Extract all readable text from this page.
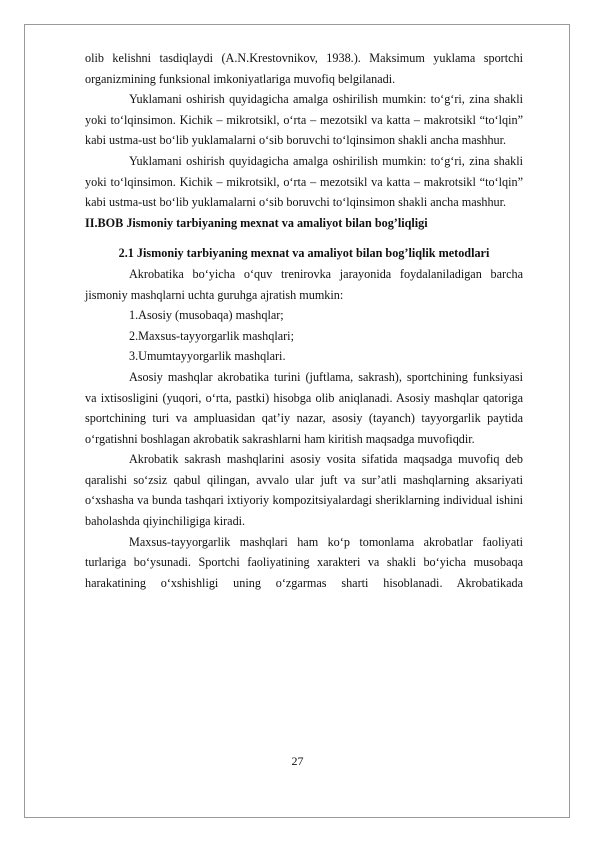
olib kelishni tasdiqlaydi (A.N.Krestovnikov, 1938.). Maksimum yuklama sportchi organizmining funksional imkoniyatlariga muvofiq belgilanadi.

Yuklamani oshirish quyidagicha amalga oshirilish mumkin: to‘g‘ri, zina shakli yoki to‘lqinsimon. Kichik – mikrotsikl, o‘rta – mezotsikl va katta – makrotsikl “to‘lqin” kabi ustma-ust bo‘lib yuklamalarni o‘sib boruvchi to‘lqinsimon shakli ancha mashhur.

Yuklamani oshirish quyidagicha amalga oshirilish mumkin: to‘g‘ri, zina shakli yoki to‘lqinsimon. Kichik – mikrotsikl, o‘rta – mezotsikl va katta – makrotsikl “to‘lqin” kabi ustma-ust bo‘lib yuklamalarni o‘sib boruvchi to‘lqinsimon shakli ancha mashhur.

II.BOB Jismoniy tarbiyaning mexnat va amaliyot bilan bog’liqligi

2.1 Jismoniy tarbiyaning mexnat va amaliyot bilan bog’liqlik metodlari

Akrobatika bo‘yicha o‘quv trenirovka jarayonida foydalaniladigan barcha jismoniy mashqlarni uchta guruhga ajratish mumkin:

1.Asosiy (musobaqa) mashqlar;

2.Maxsus-tayyorgarlik mashqlari;

3.Umumtayyorgarlik mashqlari.

Asosiy mashqlar akrobatika turini (juftlama, sakrash), sportchining funksiyasi va ixtisosligini (yuqori, o‘rta, pastki) hisobga olib aniqlanadi. Asosiy mashqlar qatoriga sportchining turi va ampluasidan qat’iy nazar, asosiy (tayanch) tayyorgarlik paytida o‘rgatishni boshlagan akrobatik sakrashlarni ham kiritish maqsadga muvofiqdir.

Akrobatik sakrash mashqlarini asosiy vosita sifatida maqsadga muvofiq deb qaralishi so‘zsiz qabul qilingan, avvalo ular juft va sur’atli mashqlarning aksariyati o‘xshasha va bunda tashqari ixtiyoriy kompozitsiyalardagi sheriklarning individual ishini baholashda qiyinchiligiga kiradi.

Maxsus-tayyorgarlik mashqlari ham ko‘p tomonlama akrobatlar faoliyati turlariga bo‘ysunadi. Sportchi faoliyatining xarakteri va shakli bo‘yicha musobaqa harakatining o‘xshishligi uning o‘zgarmas sharti hisoblanadi. Akrobatikada

27
